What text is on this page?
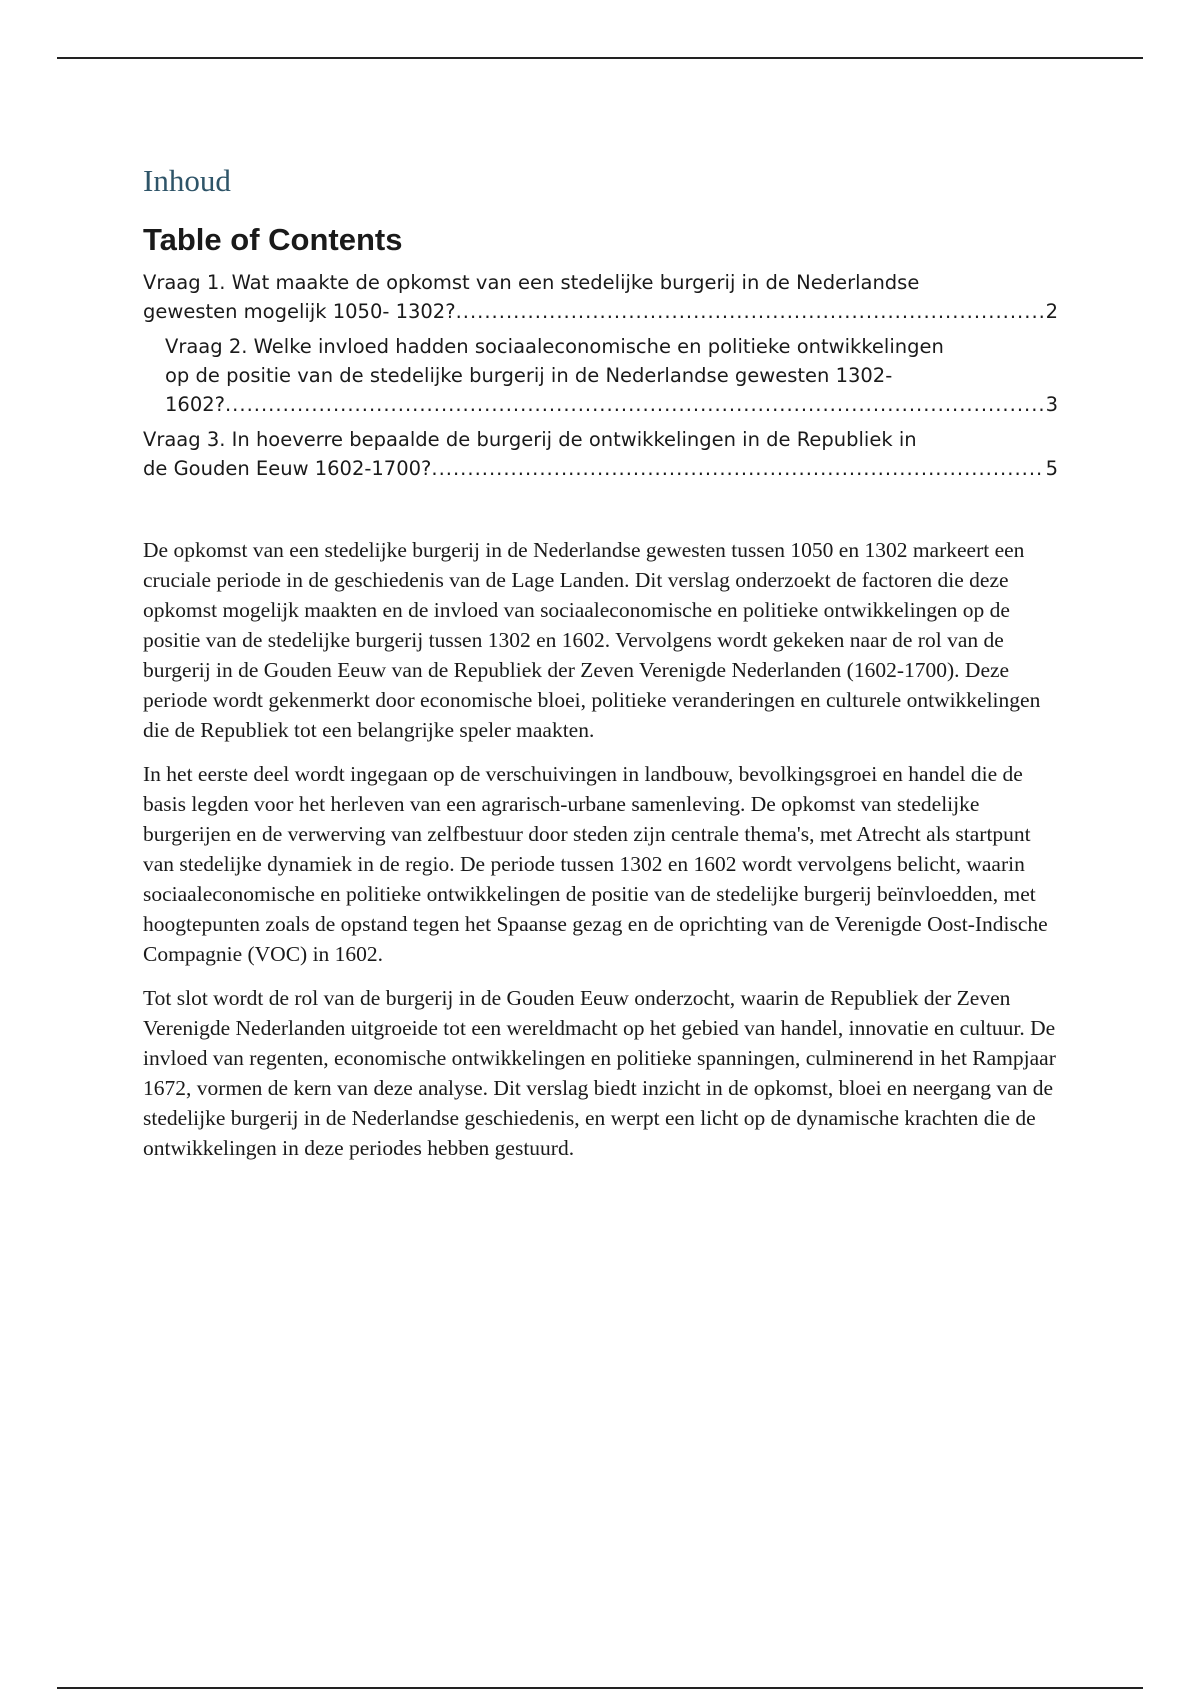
Inhoud
Table of Contents
Vraag 1. Wat maakte de opkomst van een stedelijke burgerij in de Nederlandse
gewesten mogelijk 1050- 1302? .....	2
Vraag 2. Welke invloed hadden sociaaleconomische en politieke ontwikkelingen
op de positie van de stedelijke burgerij in de Nederlandse gewesten 1302-
1602? .....	3
Vraag 3. In hoeverre bepaalde de burgerij de ontwikkelingen in de Republiek in
de Gouden Eeuw 1602-1700? .....	5

De opkomst van een stedelijke burgerij in de Nederlandse gewesten tussen 1050 en 1302 markeert een cruciale periode in de geschiedenis van de Lage Landen. Dit verslag onderzoekt de factoren die deze opkomst mogelijk maakten en de invloed van sociaaleconomische en politieke ontwikkelingen op de positie van de stedelijke burgerij tussen 1302 en 1602. Vervolgens wordt gekeken naar de rol van de burgerij in de Gouden Eeuw van de Republiek der Zeven Verenigde Nederlanden (1602-1700). Deze periode wordt gekenmerkt door economische bloei, politieke veranderingen en culturele ontwikkelingen die de Republiek tot een belangrijke speler maakten.

In het eerste deel wordt ingegaan op de verschuivingen in landbouw, bevolkingsgroei en handel die de basis legden voor het herleven van een agrarisch-urbane samenleving. De opkomst van stedelijke burgerijen en de verwerving van zelfbestuur door steden zijn centrale thema's, met Atrecht als startpunt van stedelijke dynamiek in de regio. De periode tussen 1302 en 1602 wordt vervolgens belicht, waarin sociaaleconomische en politieke ontwikkelingen de positie van de stedelijke burgerij beïnvloedden, met hoogtepunten zoals de opstand tegen het Spaanse gezag en de oprichting van de Verenigde Oost-Indische Compagnie (VOC) in 1602.

Tot slot wordt de rol van de burgerij in de Gouden Eeuw onderzocht, waarin de Republiek der Zeven Verenigde Nederlanden uitgroeide tot een wereldmacht op het gebied van handel, innovatie en cultuur. De invloed van regenten, economische ontwikkelingen en politieke spanningen, culminerend in het Rampjaar 1672, vormen de kern van deze analyse. Dit verslag biedt inzicht in de opkomst, bloei en neergang van de stedelijke burgerij in de Nederlandse geschiedenis, en werpt een licht op de dynamische krachten die de ontwikkelingen in deze periodes hebben gestuurd.
